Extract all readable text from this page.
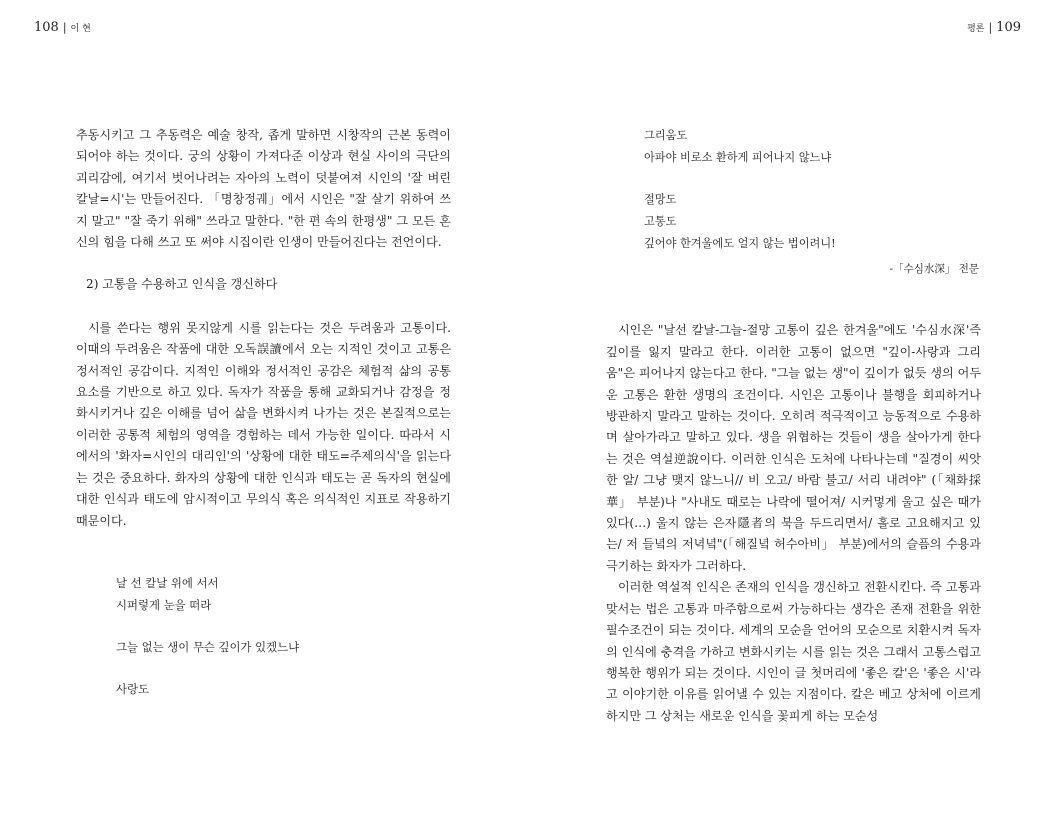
108 | 이 현	평론 | 109

추동시키고 그 추동력은 예술 창작, 좁게 말하면 시창작의 근본 동력이 되어야 하는 것이다. 궁의 상황이 가져다준 이상과 현실 사이의 극단의 괴리감에, 여기서 벗어나려는 자아의 노력이 덧붙여져 시인의 '잘 벼린 칼날=시'는 만들어진다. 「명창정궤」에서 시인은 "잘 살기 위하여 쓰지 말고" "잘 죽기 위해" 쓰라고 말한다. "한 편 속의 한평생" 그 모든 혼신의 힘을 다해 쓰고 또 써야 시집이란 인생이 만들어진다는 전언이다.

2) 고통을 수용하고 인식을 갱신하다

시를 쓴다는 행위 못지않게 시를 읽는다는 것은 두려움과 고통이다. 이때의 두려움은 작품에 대한 오독誤讀에서 오는 지적인 것이고 고통은 정서적인 공감이다. 지적인 이해와 정서적인 공감은 체험적 삶의 공통 요소를 기반으로 하고 있다. 독자가 작품을 통해 교화되거나 감정을 정화시키거나 깊은 이해를 넘어 삶을 변화시켜 나가는 것은 본질적으로는 이러한 공통적 체험의 영역을 경험하는 데서 가능한 일이다. 따라서 시에서의 '화자=시인의 대리인'의 '상황에 대한 태도=주제의식'을 읽는다는 것은 중요하다. 화자의 상황에 대한 인식과 태도는 곧 독자의 현실에 대한 인식과 태도에 암시적이고 무의식 혹은 의식적인 지표로 작용하기 때문이다.

날 선 칼날 위에 서서
시퍼렇게 눈을 떠라
그늘 없는 생이 무슨 깊이가 있겠느냐
사랑도
그리움도
아파야 비로소 환하게 피어나지 않느냐
절망도
고통도
깊어야 한겨울에도 얼지 않는 법이려니!
-「수심水深」 전문

시인은 "날선 칼날-그늘-절망 고통이 깊은 한겨울"에도 '수심水深'즉 깊이를 잃지 말라고 한다. 이러한 고통이 없으면 "깊이-사랑과 그리움"은 피어나지 않는다고 한다. "그늘 없는 생"이 깊이가 없듯 생의 어두운 고통은 환한 생명의 조건이다. 시인은 고통이나 불행을 회피하거나 방관하지 말라고 말하는 것이다. 오히려 적극적이고 능동적으로 수용하며 살아가라고 말하고 있다. 생을 위협하는 것들이 생을 살아가게 한다는 것은 역설逆說이다. 이러한 인식은 도처에 나타나는데 "질경이 씨앗 한 알/ 그냥 맺지 않느니// 비 오고/ 바람 불고/ 서리 내려야" (「채화採華」 부분)나 "사내도 때로는 나락에 떨어져/ 시커멓게 울고 싶은 때가 있다(…) 울지 않는 은자隱者의 북을 두드리면서/ 홀로 고요해지고 있는/ 저 들녘의 저녁녘"(「해질녘 허수아비」 부분)에서의 슬픔의 수용과 극기하는 화자가 그러하다.

이러한 역설적 인식은 존재의 인식을 갱신하고 전환시킨다. 즉 고통과 맞서는 법은 고통과 마주함으로써 가능하다는 생각은 존재 전환을 위한 필수조건이 되는 것이다. 세계의 모순을 언어의 모순으로 치환시켜 독자의 인식에 충격을 가하고 변화시키는 시를 읽는 것은 그래서 고통스럽고 행복한 행위가 되는 것이다. 시인이 글 첫머리에 '좋은 칼'은 '좋은 시'라고 이야기한 이유를 읽어낼 수 있는 지점이다. 칼은 베고 상처에 이르게 하지만 그 상처는 새로운 인식을 꽃피게 하는 모순성
